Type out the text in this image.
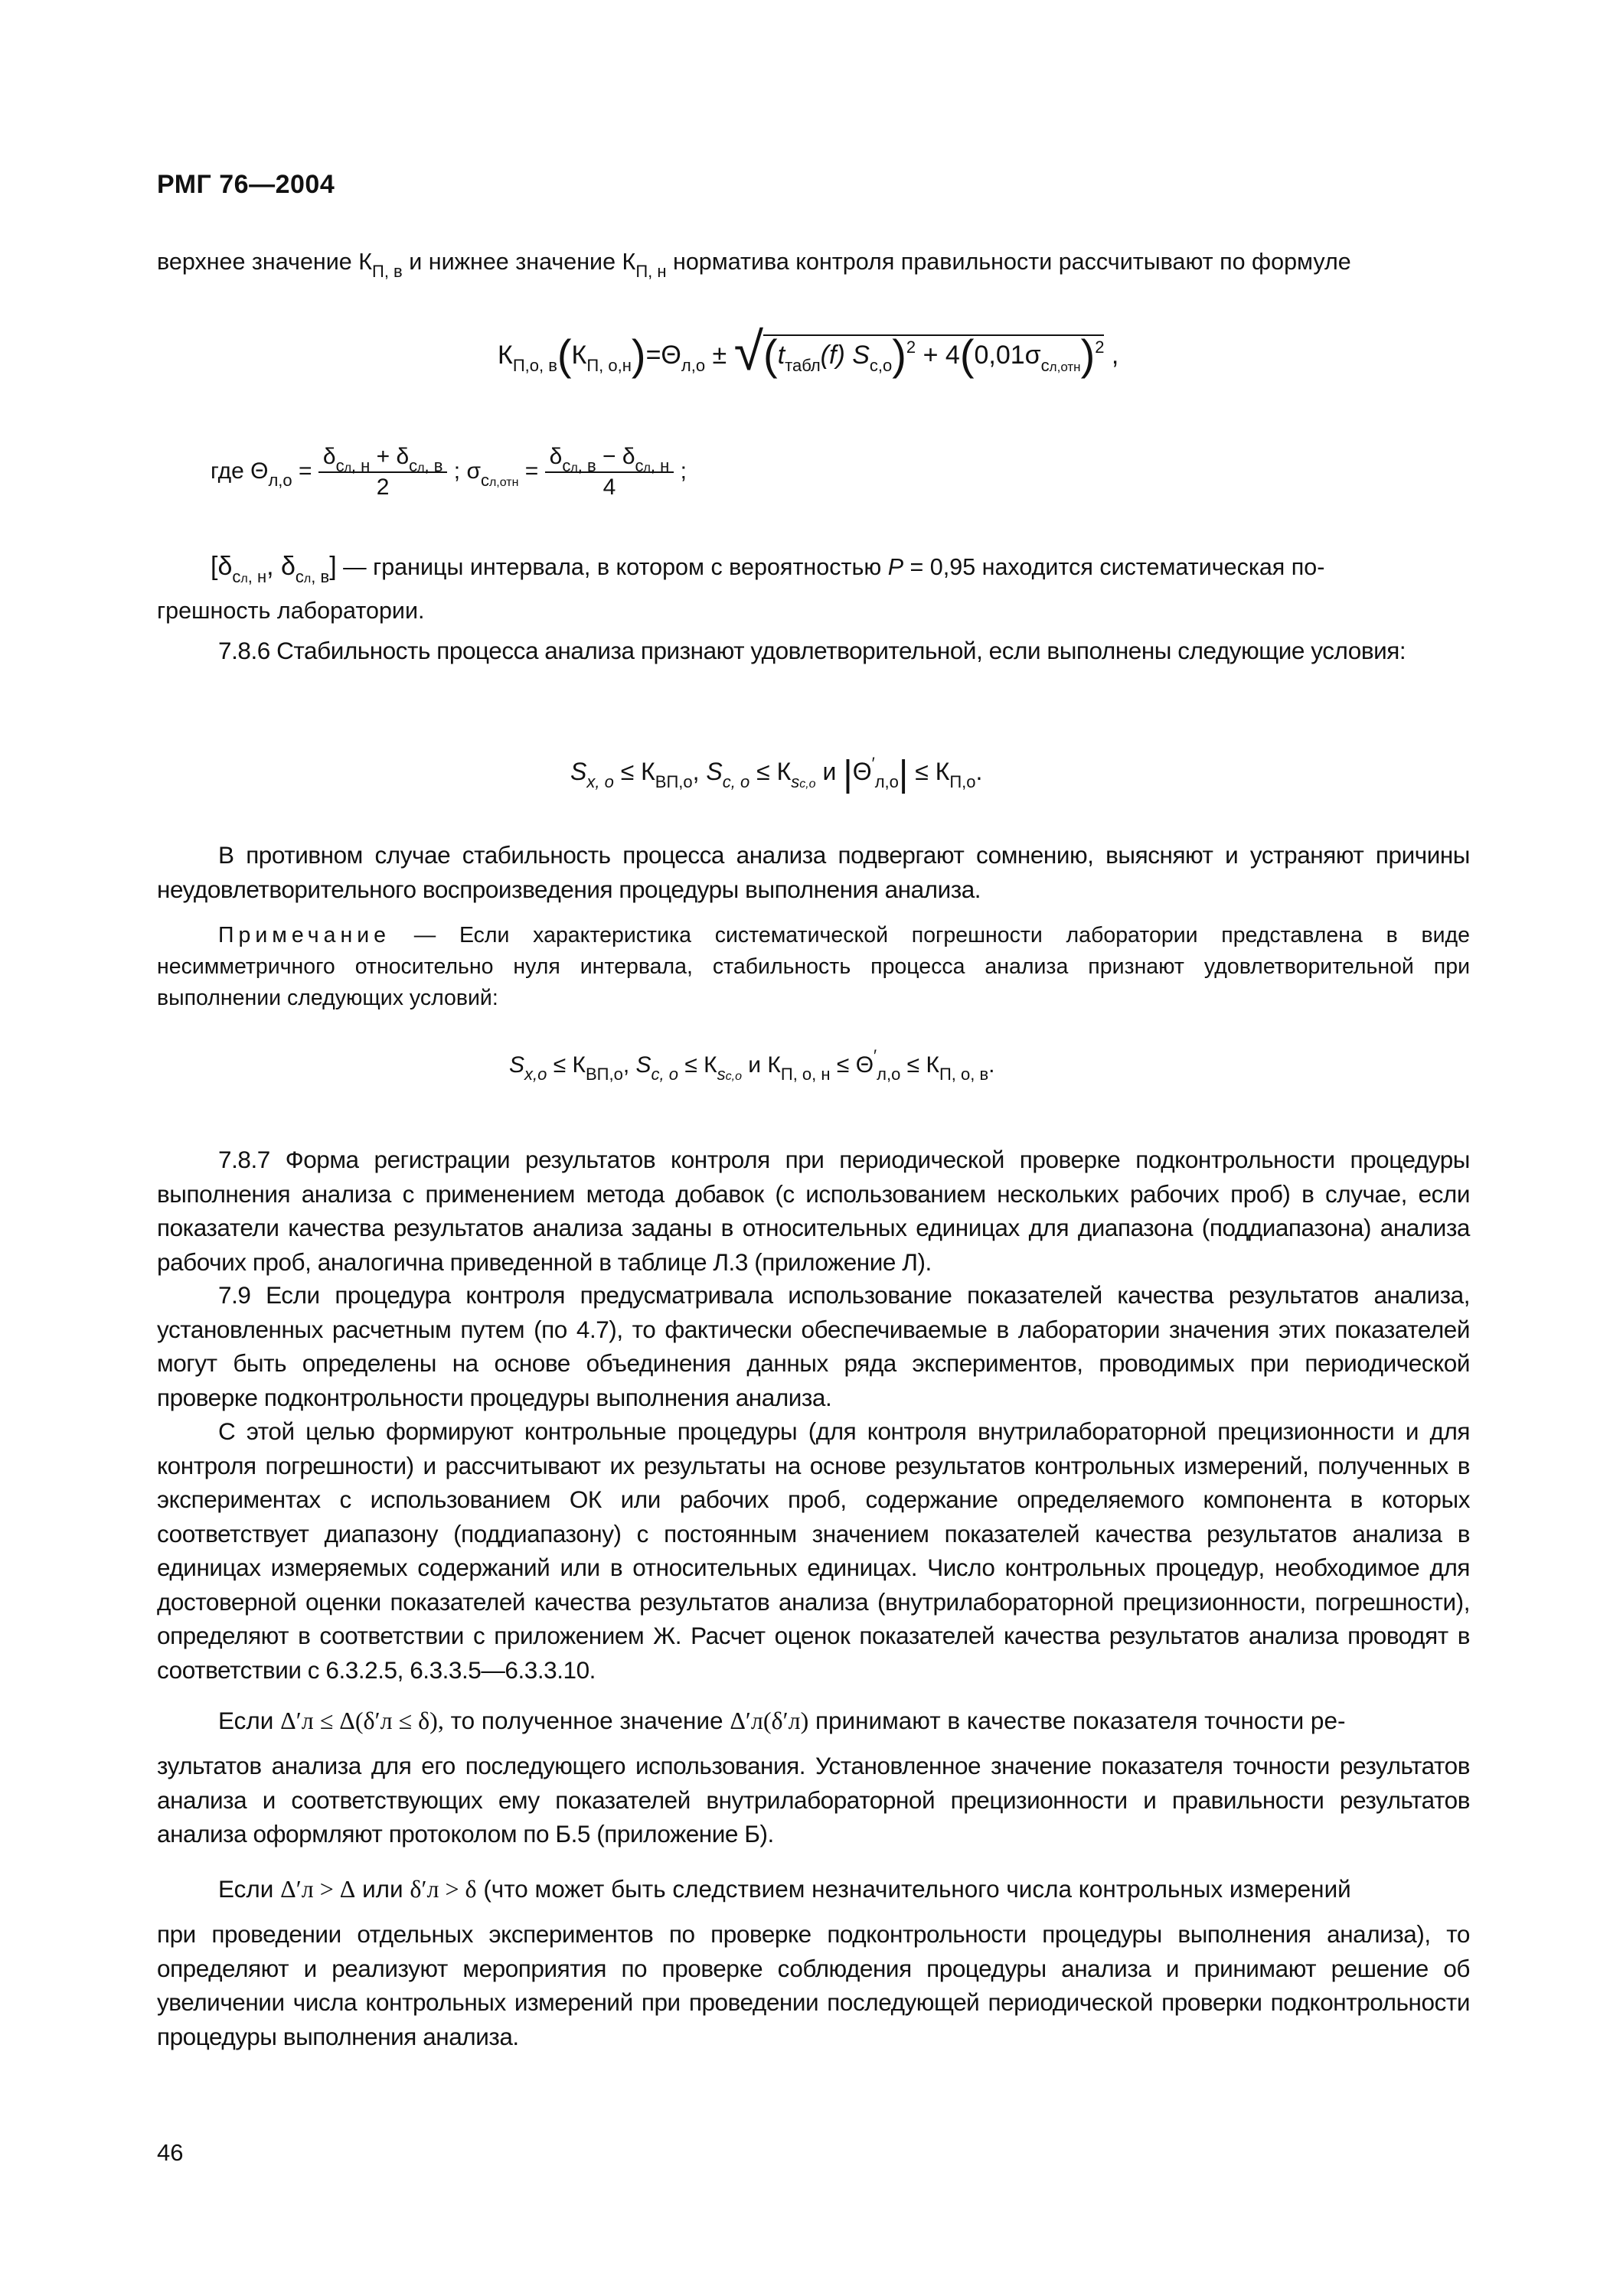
РМГ 76—2004
верхнее значение $К_{П, в}$ и нижнее значение $К_{П, н}$ норматива контроля правильности рассчитывают по формуле
$К_{П,о, в}(К_{П, о,н})=\Theta_{л,о} \pm √(t_{табл}(f) S_{c,о})^2 + 4(0,01\sigma_{cл,отн})^2$ ,
где $\Theta_{л,о} = \frac{\delta_{сл, н} + \delta_{сл, в}}{2}$ ; $\sigma_{сл,отн} = \frac{\delta_{сл, в} - \delta_{сл, н}}{4}$ ;
[$\delta_{сл, н}$, $\delta_{сл, в}$] — границы интервала, в котором с вероятностью P = 0,95 находится систематическая по-
грешность лаборатории.
7.8.6 Стабильность процесса анализа признают удовлетворительной, если выполнены следующие условия:
$S_{x, о} \le К_{ВП,о}$, $S_{c, о} \le К_{sc,о}$ и $|\Theta'_{л,о}| \le К_{П,о}$.
В противном случае стабильность процесса анализа подвергают сомнению, выясняют и устраняют причины неудовлетворительного воспроизведения процедуры выполнения анализа.
Примечание — Если характеристика систематической погрешности лаборатории представлена в виде несимметричного относительно нуля интервала, стабильность процесса анализа признают удовлетворительной при выполнении следующих условий:
$S_{x,о} \le К_{ВП,о}$, $S_{c, о} \le К_{sc,о}$ и $К_{П, о, н} \le \Theta'_{л,о} \le К_{П, о, в}$.
7.8.7 Форма регистрации результатов контроля при периодической проверке подконтрольности процедуры выполнения анализа с применением метода добавок (с использованием нескольких рабочих проб) в случае, если показатели качества результатов анализа заданы в относительных единицах для диапазона (поддиапазона) анализа рабочих проб, аналогична приведенной в таблице Л.3 (приложение Л).
7.9 Если процедура контроля предусматривала использование показателей качества результатов анализа, установленных расчетным путем (по 4.7), то фактически обеспечиваемые в лаборатории значения этих показателей могут быть определены на основе объединения данных ряда экспериментов, проводимых при периодической проверке подконтрольности процедуры выполнения анализа.
С этой целью формируют контрольные процедуры (для контроля внутрилабораторной прецизионности и для контроля погрешности) и рассчитывают их результаты на основе результатов контрольных измерений, полученных в экспериментах с использованием ОК или рабочих проб, содержание определяемого компонента в которых соответствует диапазону (поддиапазону) с постоянным значением показателей качества результатов анализа в единицах измеряемых содержаний или в относительных единицах. Число контрольных процедур, необходимое для достоверной оценки показателей качества результатов анализа (внутрилабораторной прецизионности, погрешности), определяют в соответствии с приложением Ж. Расчет оценок показателей качества результатов анализа проводят в соответствии с 6.3.2.5, 6.3.3.5—6.3.3.10.
Если Δ′л ≤ Δ(δ′л ≤ δ), то полученное значение Δ′л(δ′л) принимают в качестве показателя точности ре-
зультатов анализа для его последующего использования. Установленное значение показателя точности результатов анализа и соответствующих ему показателей внутрилабораторной прецизионности и правильности результатов анализа оформляют протоколом по Б.5 (приложение Б).
Если Δ′л > Δ или δ′л > δ (что может быть следствием незначительного числа контрольных измерений
при проведении отдельных экспериментов по проверке подконтрольности процедуры выполнения анализа), то определяют и реализуют мероприятия по проверке соблюдения процедуры анализа и принимают решение об увеличении числа контрольных измерений при проведении последующей периодической проверки подконтрольности процедуры выполнения анализа.
46
